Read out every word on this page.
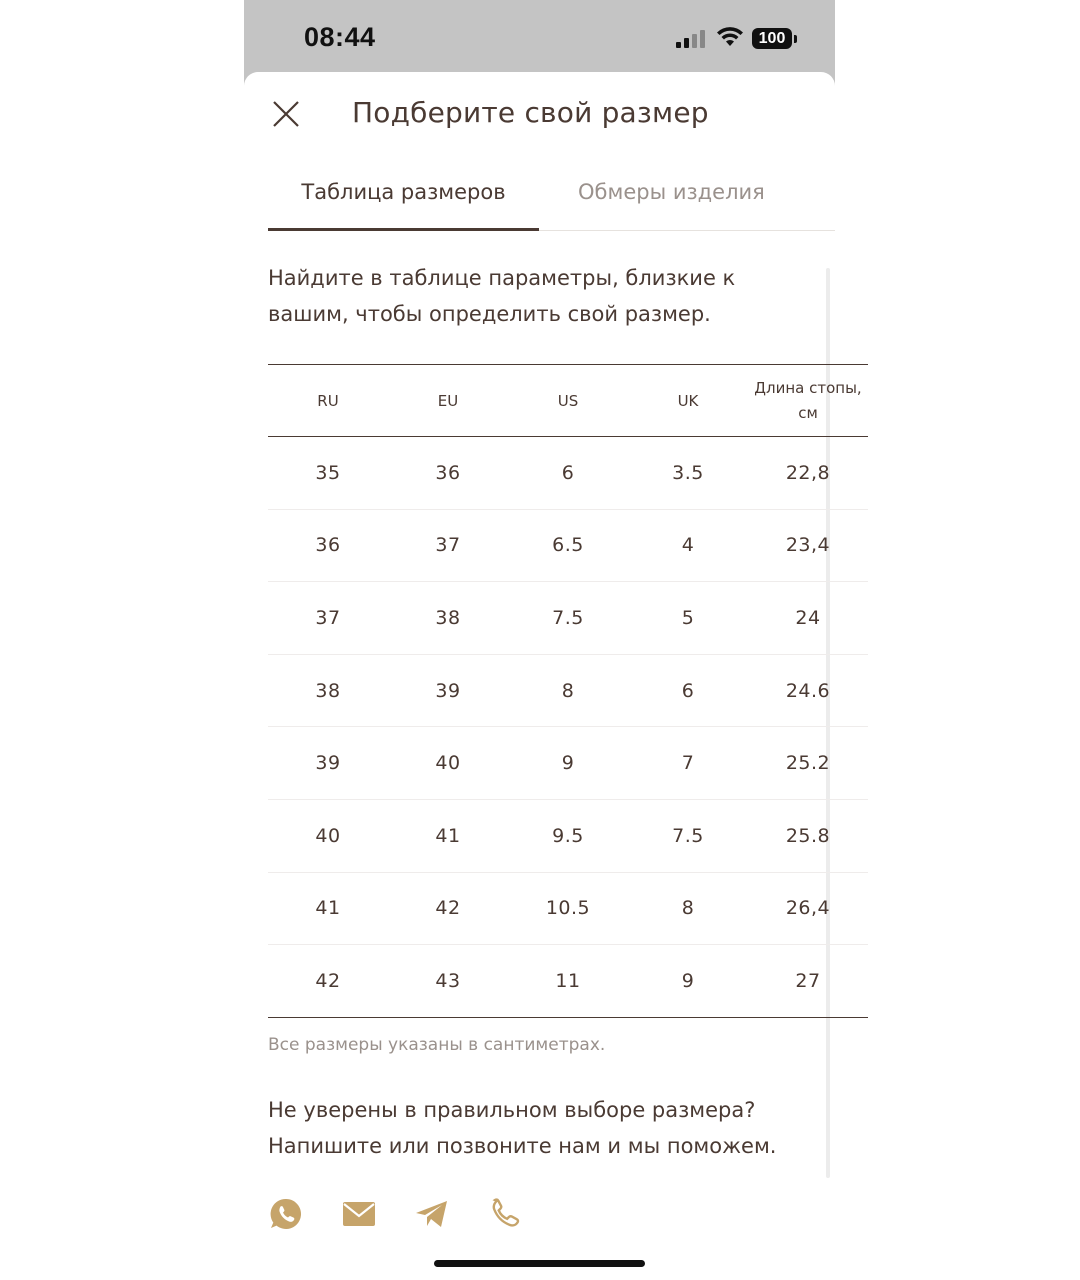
08:44	100
Подберите свой размер
Таблица размеров	Обмеры изделия
Найдите в таблице параметры, близкие к вашим, чтобы определить свой размер.
RU	EU	US	UK	Длина стопы,
см
35	36	6	3.5	22,8
36	37	6.5	4	23,4
37	38	7.5	5	24
38	39	8	6	24.6
39	40	9	7	25.2
40	41	9.5	7.5	25.8
41	42	10.5	8	26,4
42	43	11	9	27
Все размеры указаны в сантиметрах.
Не уверены в правильном выборе размера? Напишите или позвоните нам и мы поможем.
